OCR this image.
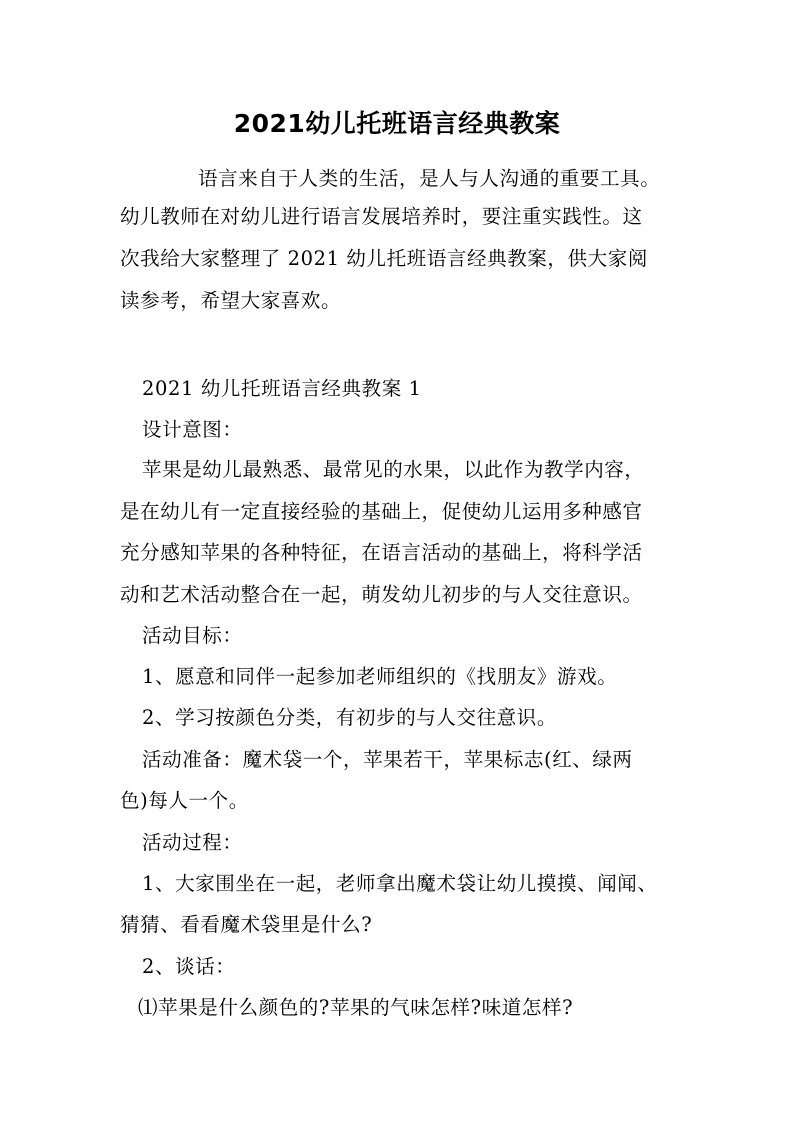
2021幼儿托班语言经典教案
语言来自于人类的生活，是人与人沟通的重要工具。
幼儿教师在对幼儿进行语言发展培养时，要注重实践性。这
次我给大家整理了 2021 幼儿托班语言经典教案，供大家阅
读参考，希望大家喜欢。
2021 幼儿托班语言经典教案 1
设计意图：
苹果是幼儿最熟悉、最常见的水果，以此作为教学内容，
是在幼儿有一定直接经验的基础上，促使幼儿运用多种感官
充分感知苹果的各种特征，在语言活动的基础上，将科学活
动和艺术活动整合在一起，萌发幼儿初步的与人交往意识。
活动目标：
1、愿意和同伴一起参加老师组织的《找朋友》游戏。
2、学习按颜色分类，有初步的与人交往意识。
活动准备：魔术袋一个，苹果若干，苹果标志(红、绿两
色)每人一个。
活动过程：
1、大家围坐在一起，老师拿出魔术袋让幼儿摸摸、闻闻、
猜猜、看看魔术袋里是什么?
2、谈话：
⑴苹果是什么颜色的?苹果的气味怎样?味道怎样?
